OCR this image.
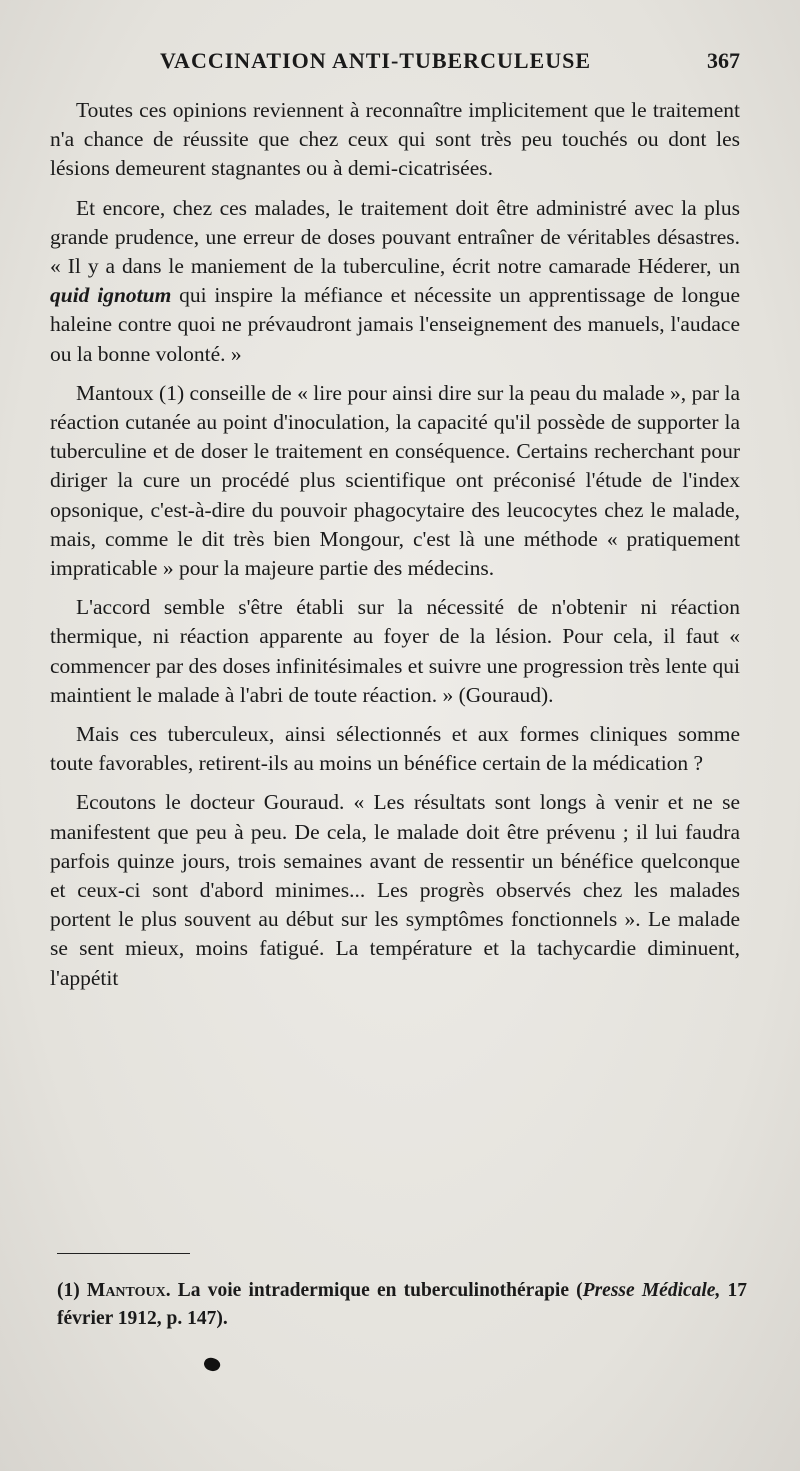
VACCINATION ANTI-TUBERCULEUSE	367

Toutes ces opinions reviennent à reconnaître implicitement que le traitement n'a chance de réussite que chez ceux qui sont très peu touchés ou dont les lésions demeurent stagnantes ou à demi-cicatrisées.

Et encore, chez ces malades, le traitement doit être administré avec la plus grande prudence, une erreur de doses pouvant entraîner de véritables désastres. « Il y a dans le maniement de la tuberculine, écrit notre camarade Héderer, un quid ignotum qui inspire la méfiance et nécessite un apprentissage de longue haleine contre quoi ne prévaudront jamais l'enseignement des manuels, l'audace ou la bonne volonté. »

Mantoux (1) conseille de « lire pour ainsi dire sur la peau du malade », par la réaction cutanée au point d'inoculation, la capacité qu'il possède de supporter la tuberculine et de doser le traitement en conséquence. Certains recherchant pour diriger la cure un procédé plus scientifique ont préconisé l'étude de l'index opsonique, c'est-à-dire du pouvoir phagocytaire des leucocytes chez le malade, mais, comme le dit très bien Mongour, c'est là une méthode « pratiquement impraticable » pour la majeure partie des médecins.

L'accord semble s'être établi sur la nécessité de n'obtenir ni réaction thermique, ni réaction apparente au foyer de la lésion. Pour cela, il faut « commencer par des doses infinitésimales et suivre une progression très lente qui maintient le malade à l'abri de toute réaction. » (Gouraud).

Mais ces tuberculeux, ainsi sélectionnés et aux formes cliniques somme toute favorables, retirent-ils au moins un bénéfice certain de la médication ?

Ecoutons le docteur Gouraud. « Les résultats sont longs à venir et ne se manifestent que peu à peu. De cela, le malade doit être prévenu ; il lui faudra parfois quinze jours, trois semaines avant de ressentir un bénéfice quelconque et ceux-ci sont d'abord minimes... Les progrès observés chez les malades portent le plus souvent au début sur les symptômes fonctionnels ». Le malade se sent mieux, moins fatigué. La température et la tachycardie diminuent, l'appétit

(1) Mantoux. La voie intradermique en tuberculinothérapie (Presse Médicale, 17 février 1912, p. 147).
